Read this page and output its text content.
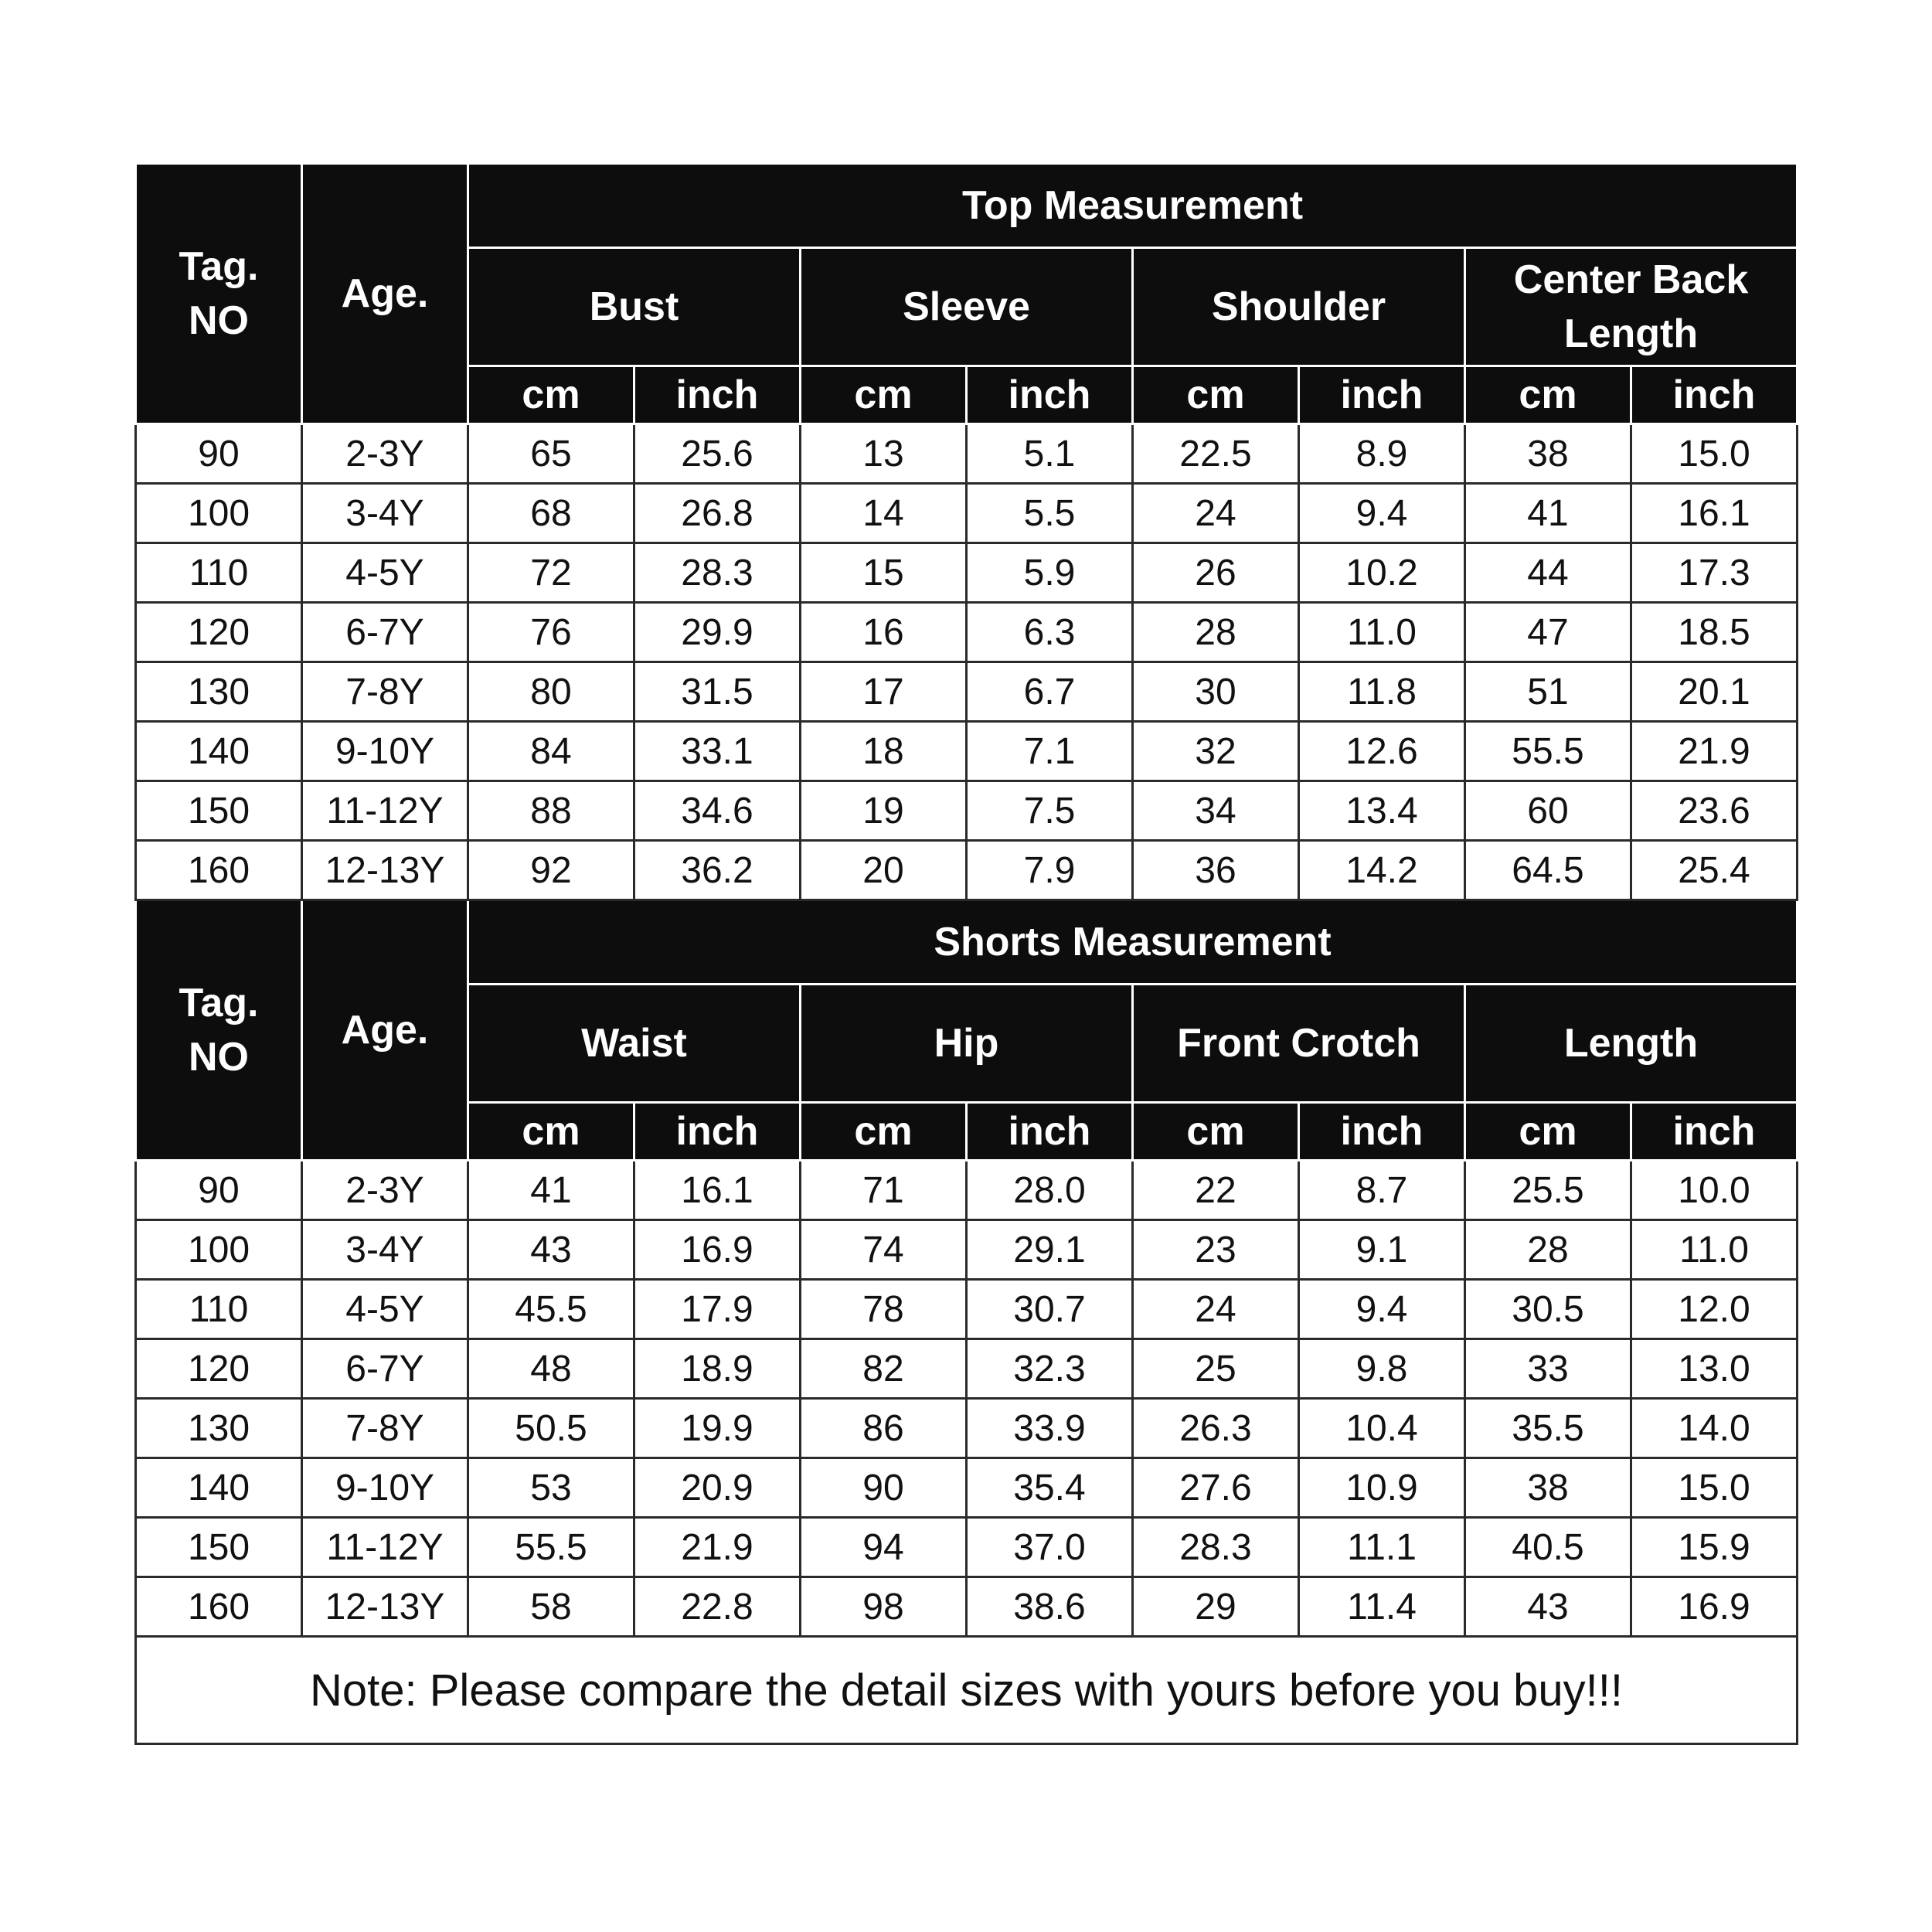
Tag.
NO	Age.	Top Measurement							
		Bust		Sleeve		Shoulder		Center Back Length	
		cm	inch	cm	inch	cm	inch	cm	inch
90	2-3Y	65	25.6	13	5.1	22.5	8.9	38	15.0
100	3-4Y	68	26.8	14	5.5	24	9.4	41	16.1
110	4-5Y	72	28.3	15	5.9	26	10.2	44	17.3
120	6-7Y	76	29.9	16	6.3	28	11.0	47	18.5
130	7-8Y	80	31.5	17	6.7	30	11.8	51	20.1
140	9-10Y	84	33.1	18	7.1	32	12.6	55.5	21.9
150	11-12Y	88	34.6	19	7.5	34	13.4	60	23.6
160	12-13Y	92	36.2	20	7.9	36	14.2	64.5	25.4
Tag.
NO	Age.	Shorts Measurement							
		Waist		Hip		Front Crotch		Length	
		cm	inch	cm	inch	cm	inch	cm	inch
90	2-3Y	41	16.1	71	28.0	22	8.7	25.5	10.0
100	3-4Y	43	16.9	74	29.1	23	9.1	28	11.0
110	4-5Y	45.5	17.9	78	30.7	24	9.4	30.5	12.0
120	6-7Y	48	18.9	82	32.3	25	9.8	33	13.0
130	7-8Y	50.5	19.9	86	33.9	26.3	10.4	35.5	14.0
140	9-10Y	53	20.9	90	35.4	27.6	10.9	38	15.0
150	11-12Y	55.5	21.9	94	37.0	28.3	11.1	40.5	15.9
160	12-13Y	58	22.8	98	38.6	29	11.4	43	16.9
Note: Please compare the detail sizes with yours before you buy!!!									
